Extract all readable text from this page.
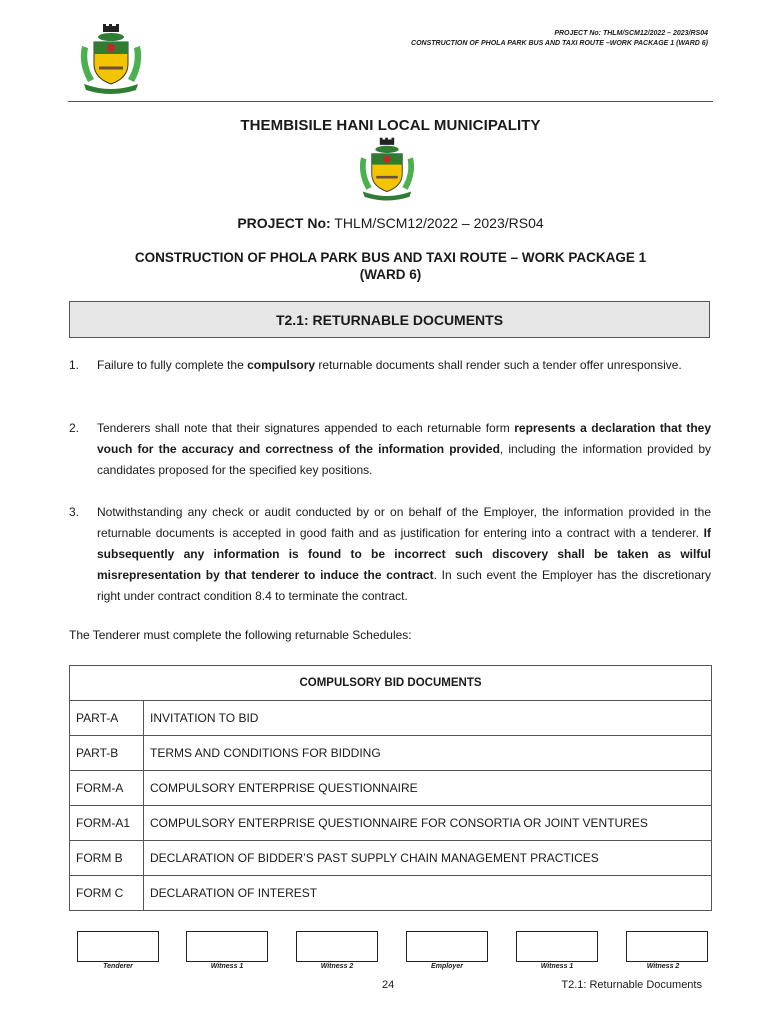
PROJECT No: THLM/SCM12/2022 – 2023/RS04
CONSTRUCTION OF PHOLA PARK BUS AND TAXI ROUTE –WORK PACKAGE 1 (WARD 6)
THEMBISILE HANI LOCAL MUNICIPALITY
PROJECT No: THLM/SCM12/2022 – 2023/RS04
CONSTRUCTION OF PHOLA PARK BUS AND TAXI ROUTE – WORK PACKAGE 1
(WARD 6)
T2.1: RETURNABLE DOCUMENTS
1. Failure to fully complete the compulsory returnable documents shall render such a tender offer unresponsive.
2. Tenderers shall note that their signatures appended to each returnable form represents a declaration that they vouch for the accuracy and correctness of the information provided, including the information provided by candidates proposed for the specified key positions.
3. Notwithstanding any check or audit conducted by or on behalf of the Employer, the information provided in the returnable documents is accepted in good faith and as justification for entering into a contract with a tenderer. If subsequently any information is found to be incorrect such discovery shall be taken as wilful misrepresentation by that tenderer to induce the contract. In such event the Employer has the discretionary right under contract condition 8.4 to terminate the contract.
The Tenderer must complete the following returnable Schedules:
COMPULSORY BID DOCUMENTS	
PART-A	INVITATION TO BID
PART-B	TERMS AND CONDITIONS FOR BIDDING
FORM-A	COMPULSORY ENTERPRISE QUESTIONNAIRE
FORM-A1	COMPULSORY ENTERPRISE QUESTIONNAIRE FOR CONSORTIA OR JOINT VENTURES
FORM B	DECLARATION OF BIDDER’S PAST SUPPLY CHAIN MANAGEMENT PRACTICES
FORM C	DECLARATION OF INTEREST
Tenderer	Witness 1	Witness 2	Employer	Witness 1	Witness 2
24	T2.1: Returnable Documents
